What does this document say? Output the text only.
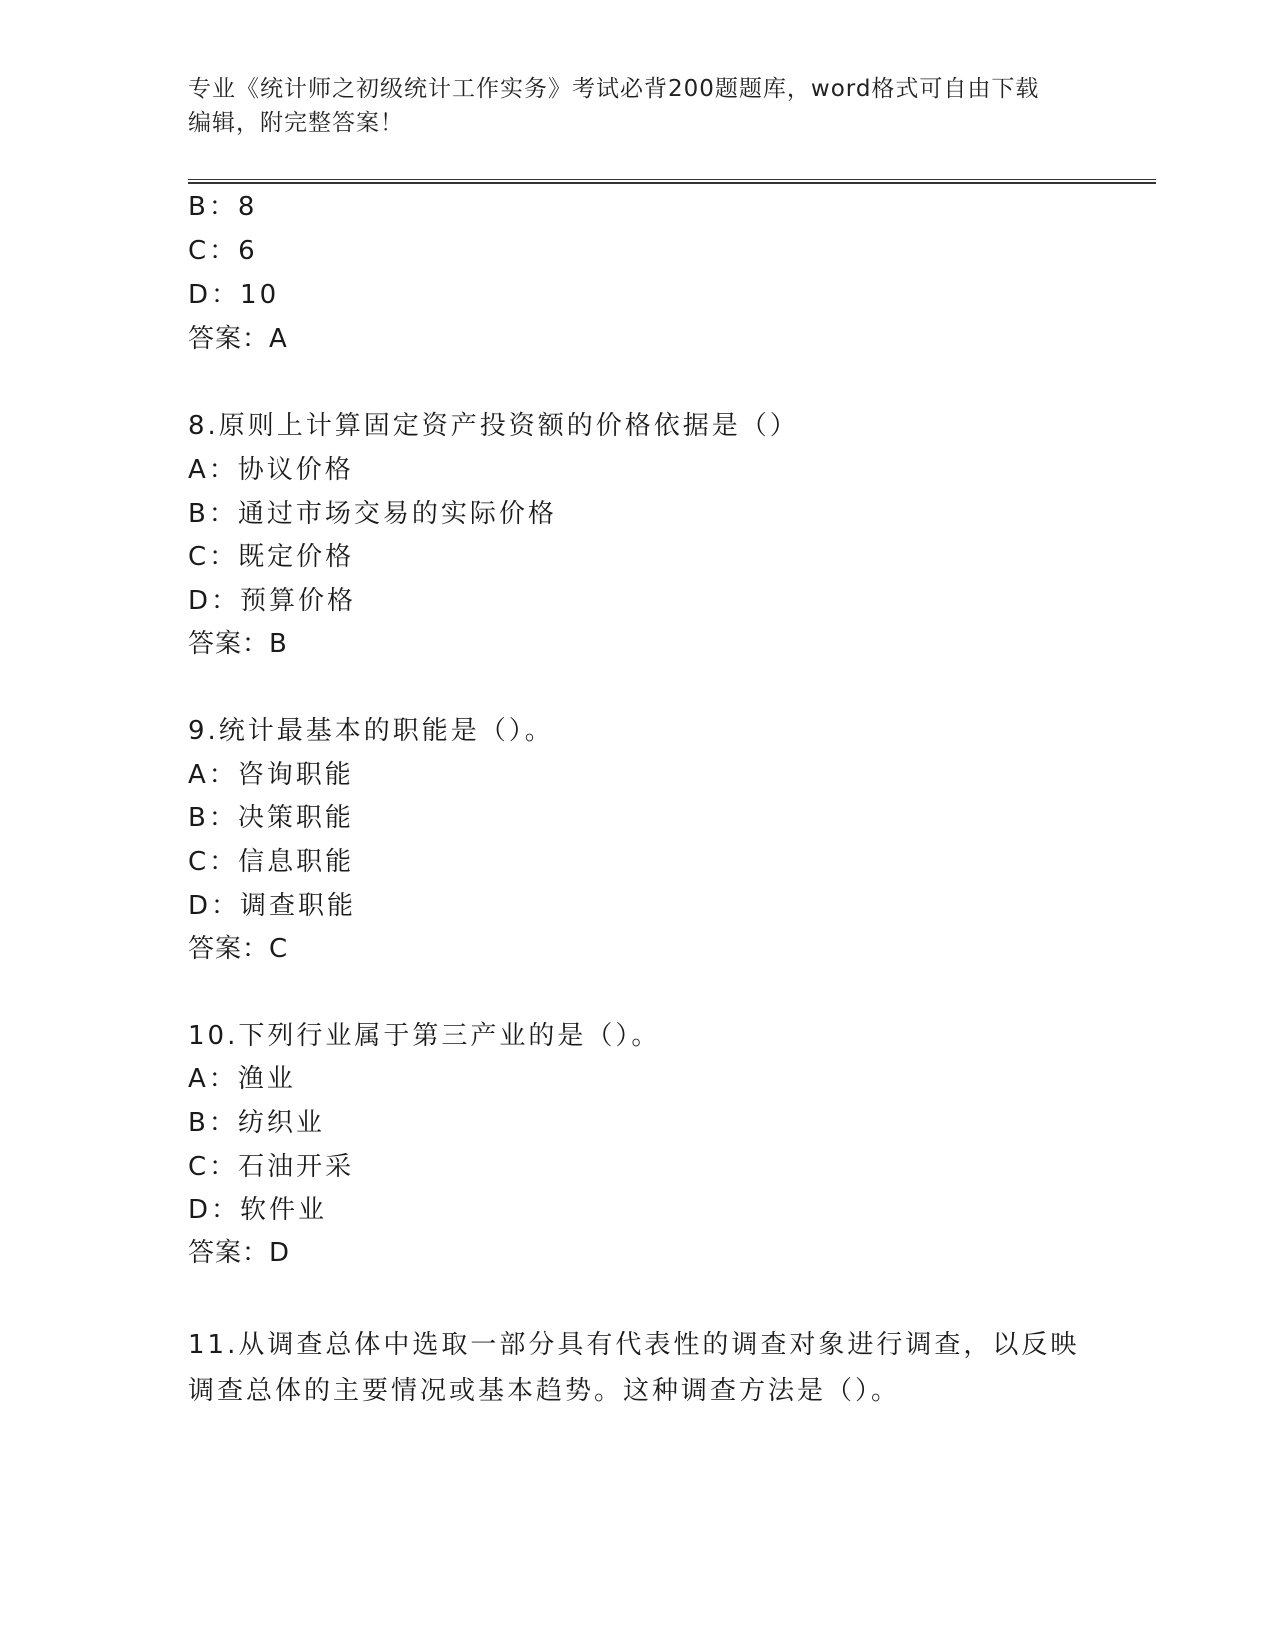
专业《统计师之初级统计工作实务》考试必背200题题库，word格式可自由下载
编辑，附完整答案！
B：8
C：6
D：10
答案：A
8.原则上计算固定资产投资额的价格依据是（）
A：协议价格
B：通过市场交易的实际价格
C：既定价格
D：预算价格
答案：B
9.统计最基本的职能是（）。
A：咨询职能
B：决策职能
C：信息职能
D：调查职能
答案：C
10.下列行业属于第三产业的是（）。
A：渔业
B：纺织业
C：石油开采
D：软件业
答案：D
11.从调查总体中选取一部分具有代表性的调查对象进行调查，以反映
调查总体的主要情况或基本趋势。这种调查方法是（）。
